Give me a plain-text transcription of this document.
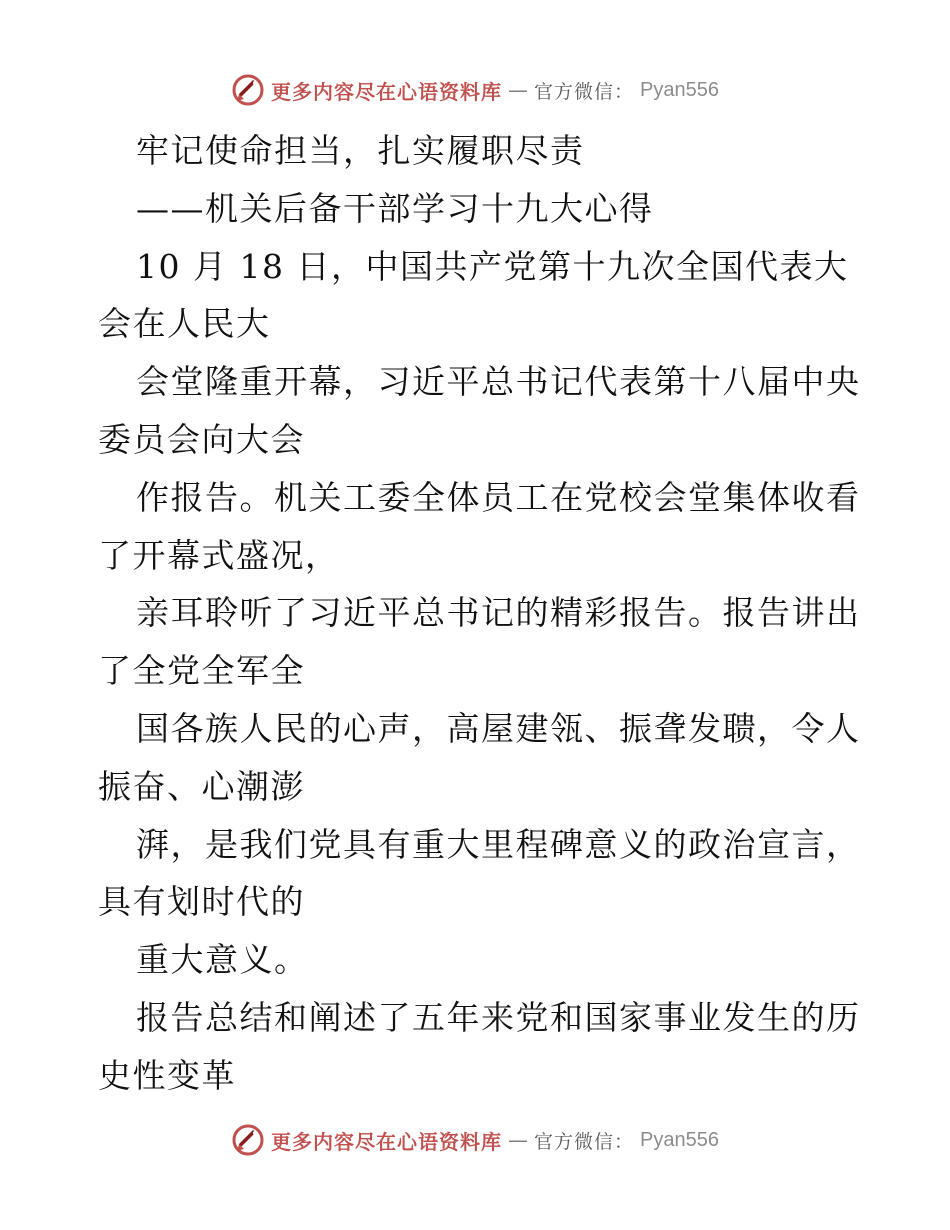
更多内容尽在心语资料库 — 官方微信： Pyan556
牢记使命担当，扎实履职尽责
——机关后备干部学习十九大心得
10 月 18 日，中国共产党第十九次全国代表大
会在人民大
会堂隆重开幕，习近平总书记代表第十八届中央
委员会向大会
作报告。机关工委全体员工在党校会堂集体收看
了开幕式盛况，
亲耳聆听了习近平总书记的精彩报告。报告讲出
了全党全军全
国各族人民的心声，高屋建瓴、振聋发聩，令人
振奋、心潮澎
湃，是我们党具有重大里程碑意义的政治宣言，
具有划时代的
重大意义。
报告总结和阐述了五年来党和国家事业发生的历
史性变革
更多内容尽在心语资料库 — 官方微信： Pyan556
